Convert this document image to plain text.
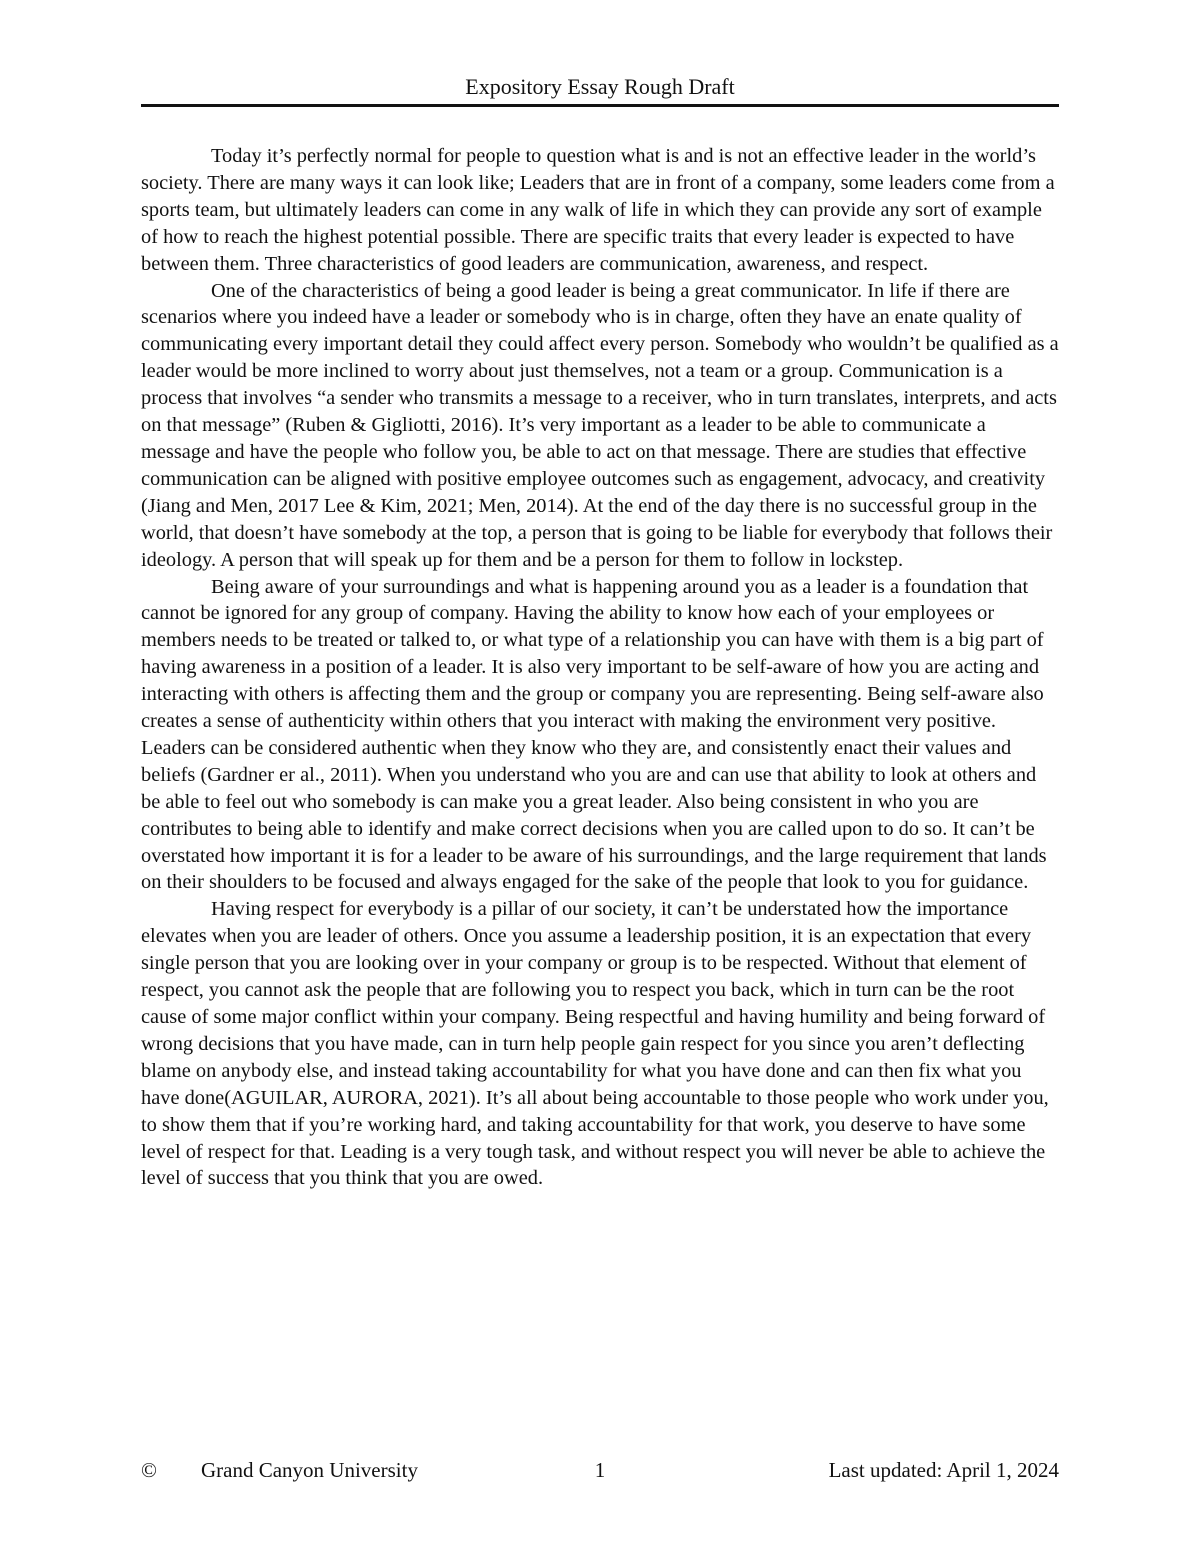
Expository Essay Rough Draft

Today it’s perfectly normal for people to question what is and is not an effective leader in the world’s society. There are many ways it can look like; Leaders that are in front of a company, some leaders come from a sports team, but ultimately leaders can come in any walk of life in which they can provide any sort of example of how to reach the highest potential possible. There are specific traits that every leader is expected to have between them. Three characteristics of good leaders are communication, awareness, and respect.

One of the characteristics of being a good leader is being a great communicator. In life if there are scenarios where you indeed have a leader or somebody who is in charge, often they have an enate quality of communicating every important detail they could affect every person. Somebody who wouldn’t be qualified as a leader would be more inclined to worry about just themselves, not a team or a group. Communication is a process that involves “a sender who transmits a message to a receiver, who in turn translates, interprets, and acts on that message” (Ruben & Gigliotti, 2016). It’s very important as a leader to be able to communicate a message and have the people who follow you, be able to act on that message. There are studies that effective communication can be aligned with positive employee outcomes such as engagement, advocacy, and creativity (Jiang and Men, 2017 Lee & Kim, 2021; Men, 2014). At the end of the day there is no successful group in the world, that doesn’t have somebody at the top, a person that is going to be liable for everybody that follows their ideology. A person that will speak up for them and be a person for them to follow in lockstep.

Being aware of your surroundings and what is happening around you as a leader is a foundation that cannot be ignored for any group of company. Having the ability to know how each of your employees or members needs to be treated or talked to, or what type of a relationship you can have with them is a big part of having awareness in a position of a leader. It is also very important to be self-aware of how you are acting and interacting with others is affecting them and the group or company you are representing. Being self-aware also creates a sense of authenticity within others that you interact with making the environment very positive. Leaders can be considered authentic when they know who they are, and consistently enact their values and beliefs (Gardner er al., 2011). When you understand who you are and can use that ability to look at others and be able to feel out who somebody is can make you a great leader. Also being consistent in who you are contributes to being able to identify and make correct decisions when you are called upon to do so. It can’t be overstated how important it is for a leader to be aware of his surroundings, and the large requirement that lands on their shoulders to be focused and always engaged for the sake of the people that look to you for guidance.

Having respect for everybody is a pillar of our society, it can’t be understated how the importance elevates when you are leader of others. Once you assume a leadership position, it is an expectation that every single person that you are looking over in your company or group is to be respected. Without that element of respect, you cannot ask the people that are following you to respect you back, which in turn can be the root cause of some major conflict within your company. Being respectful and having humility and being forward of wrong decisions that you have made, can in turn help people gain respect for you since you aren’t deflecting blame on anybody else, and instead taking accountability for what you have done and can then fix what you have done(AGUILAR, AURORA, 2021). It’s all about being accountable to those people who work under you, to show them that if you’re working hard, and taking accountability for that work, you deserve to have some level of respect for that. Leading is a very tough task, and without respect you will never be able to achieve the level of success that you think that you are owed.

© Grand Canyon University	1	Last updated: April 1, 2024
